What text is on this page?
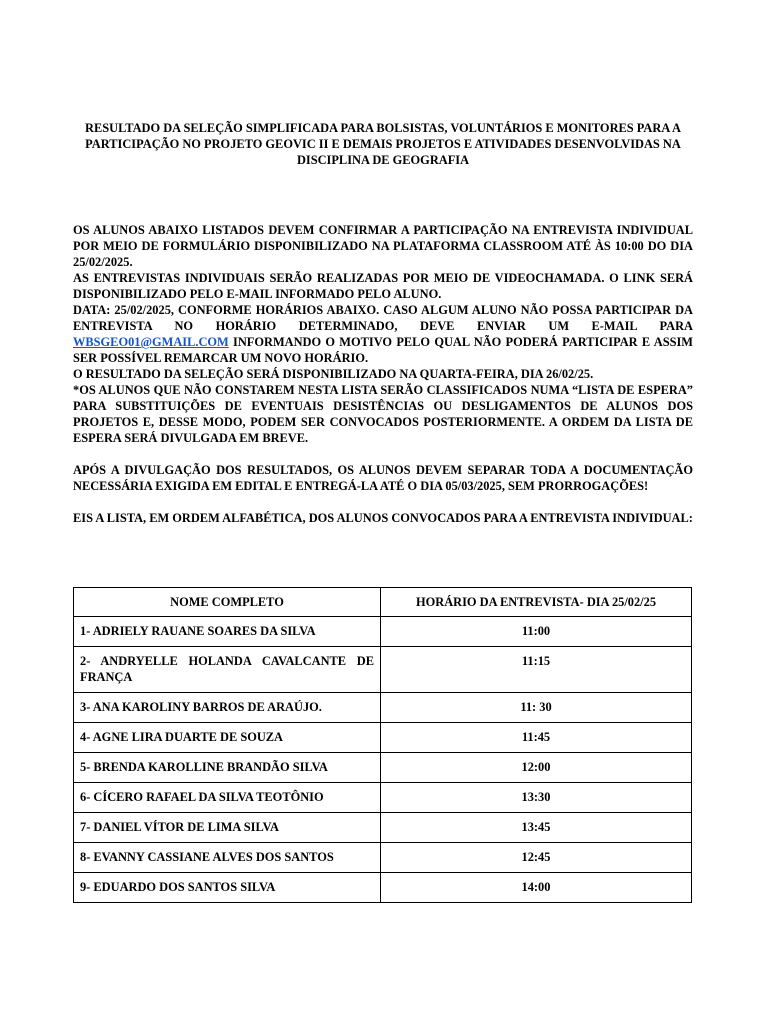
RESULTADO DA SELEÇÃO SIMPLIFICADA PARA BOLSISTAS, VOLUNTÁRIOS E MONITORES PARA A PARTICIPAÇÃO NO PROJETO GEOVIC II E DEMAIS PROJETOS E ATIVIDADES DESENVOLVIDAS NA DISCIPLINA DE GEOGRAFIA

OS ALUNOS ABAIXO LISTADOS DEVEM CONFIRMAR A PARTICIPAÇÃO NA ENTREVISTA INDIVIDUAL POR MEIO DE FORMULÁRIO DISPONIBILIZADO NA PLATAFORMA CLASSROOM ATÉ ÀS 10:00 DO DIA 25/02/2025.

AS ENTREVISTAS INDIVIDUAIS SERÃO REALIZADAS POR MEIO DE VIDEOCHAMADA. O LINK SERÁ DISPONIBILIZADO PELO E-MAIL INFORMADO PELO ALUNO.

DATA: 25/02/2025, CONFORME HORÁRIOS ABAIXO. CASO ALGUM ALUNO NÃO POSSA PARTICIPAR DA ENTREVISTA NO HORÁRIO DETERMINADO, DEVE ENVIAR UM E-MAIL PARA WBSGEO01@GMAIL.COM INFORMANDO O MOTIVO PELO QUAL NÃO PODERÁ PARTICIPAR E ASSIM SER POSSÍVEL REMARCAR UM NOVO HORÁRIO.

O RESULTADO DA SELEÇÃO SERÁ DISPONIBILIZADO NA QUARTA-FEIRA, DIA 26/02/25.

*OS ALUNOS QUE NÃO CONSTAREM NESTA LISTA SERÃO CLASSIFICADOS NUMA “LISTA DE ESPERA” PARA SUBSTITUIÇÕES DE EVENTUAIS DESISTÊNCIAS OU DESLIGAMENTOS DE ALUNOS DOS PROJETOS E, DESSE MODO, PODEM SER CONVOCADOS POSTERIORMENTE. A ORDEM DA LISTA DE ESPERA SERÁ DIVULGADA EM BREVE.

APÓS A DIVULGAÇÃO DOS RESULTADOS, OS ALUNOS DEVEM SEPARAR TODA A DOCUMENTAÇÃO NECESSÁRIA EXIGIDA EM EDITAL E ENTREGÁ-LA ATÉ O DIA 05/03/2025, SEM PRORROGAÇÕES!

EIS A LISTA, EM ORDEM ALFABÉTICA, DOS ALUNOS CONVOCADOS PARA A ENTREVISTA INDIVIDUAL:

NOME COMPLETO	HORÁRIO DA ENTREVISTA- DIA 25/02/25
1- ADRIELY RAUANE SOARES DA SILVA	11:00
2- ANDRYELLE HOLANDA CAVALCANTE DE FRANÇA	11:15
3- ANA KAROLINY BARROS DE ARAÚJO.	11: 30
4- AGNE LIRA DUARTE DE SOUZA	11:45
5- BRENDA KAROLLINE BRANDÃO SILVA	12:00
6- CÍCERO RAFAEL DA SILVA TEOTÔNIO	13:30
7- DANIEL VÍTOR DE LIMA SILVA	13:45
8- EVANNY CASSIANE ALVES DOS SANTOS	12:45
9- EDUARDO DOS SANTOS SILVA	14:00
